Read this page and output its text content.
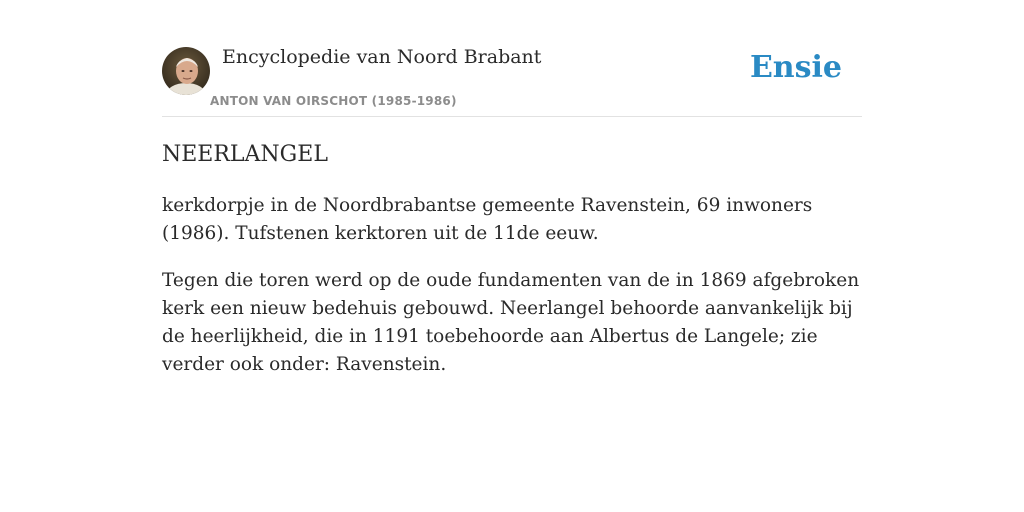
Encyclopedie van Noord Brabant
ANTON VAN OIRSCHOT (1985-1986)
Ensie
NEERLANGEL

kerkdorpje in de Noordbrabantse gemeente Ravenstein, 69 inwoners (1986). Tufstenen kerktoren uit de 11de eeuw.

Tegen die toren werd op de oude fundamenten van de in 1869 afgebroken kerk een nieuw bedehuis gebouwd. Neerlangel behoorde aanvankelijk bij de heerlijkheid, die in 1191 toebehoorde aan Albertus de Langele; zie verder ook onder: Ravenstein.
